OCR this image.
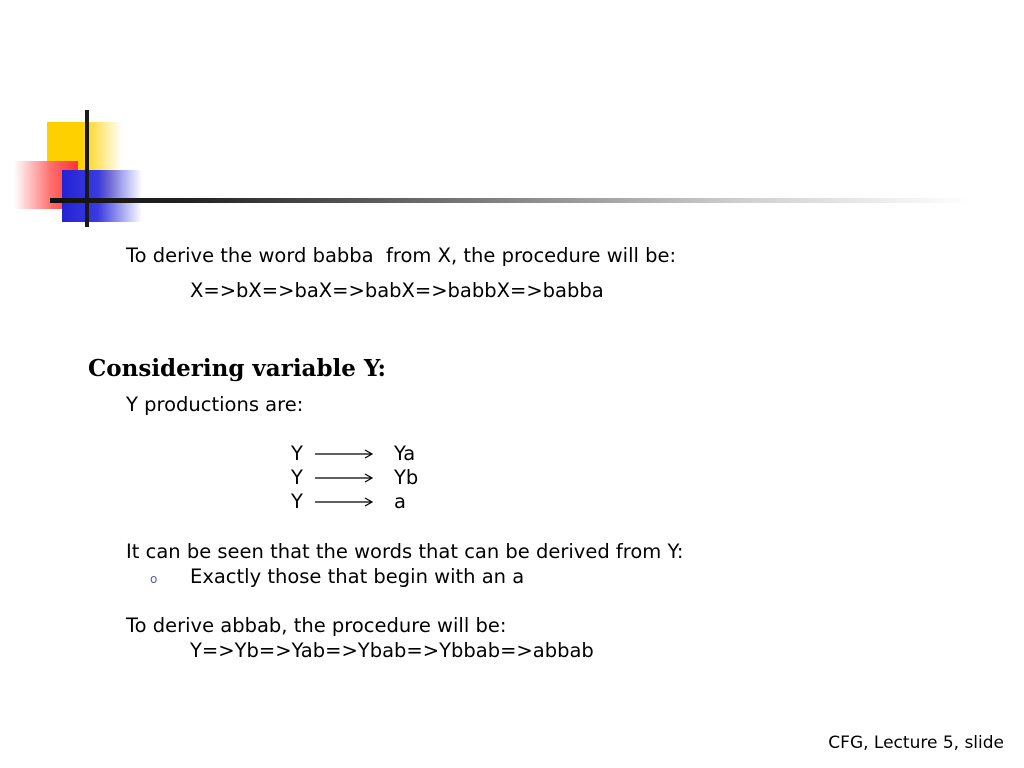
To derive the word babba  from X, the procedure will be:
X=>bX=>baX=>babX=>babbX=>babba
Considering variable Y:
Y productions are:
Y	Ya
Y	Yb
Y	a
It can be seen that the words that can be derived from Y:
o Exactly those that begin with an a
To derive abbab, the procedure will be:
Y=>Yb=>Yab=>Ybab=>Ybbab=>abbab
CFG, Lecture 5, slide
